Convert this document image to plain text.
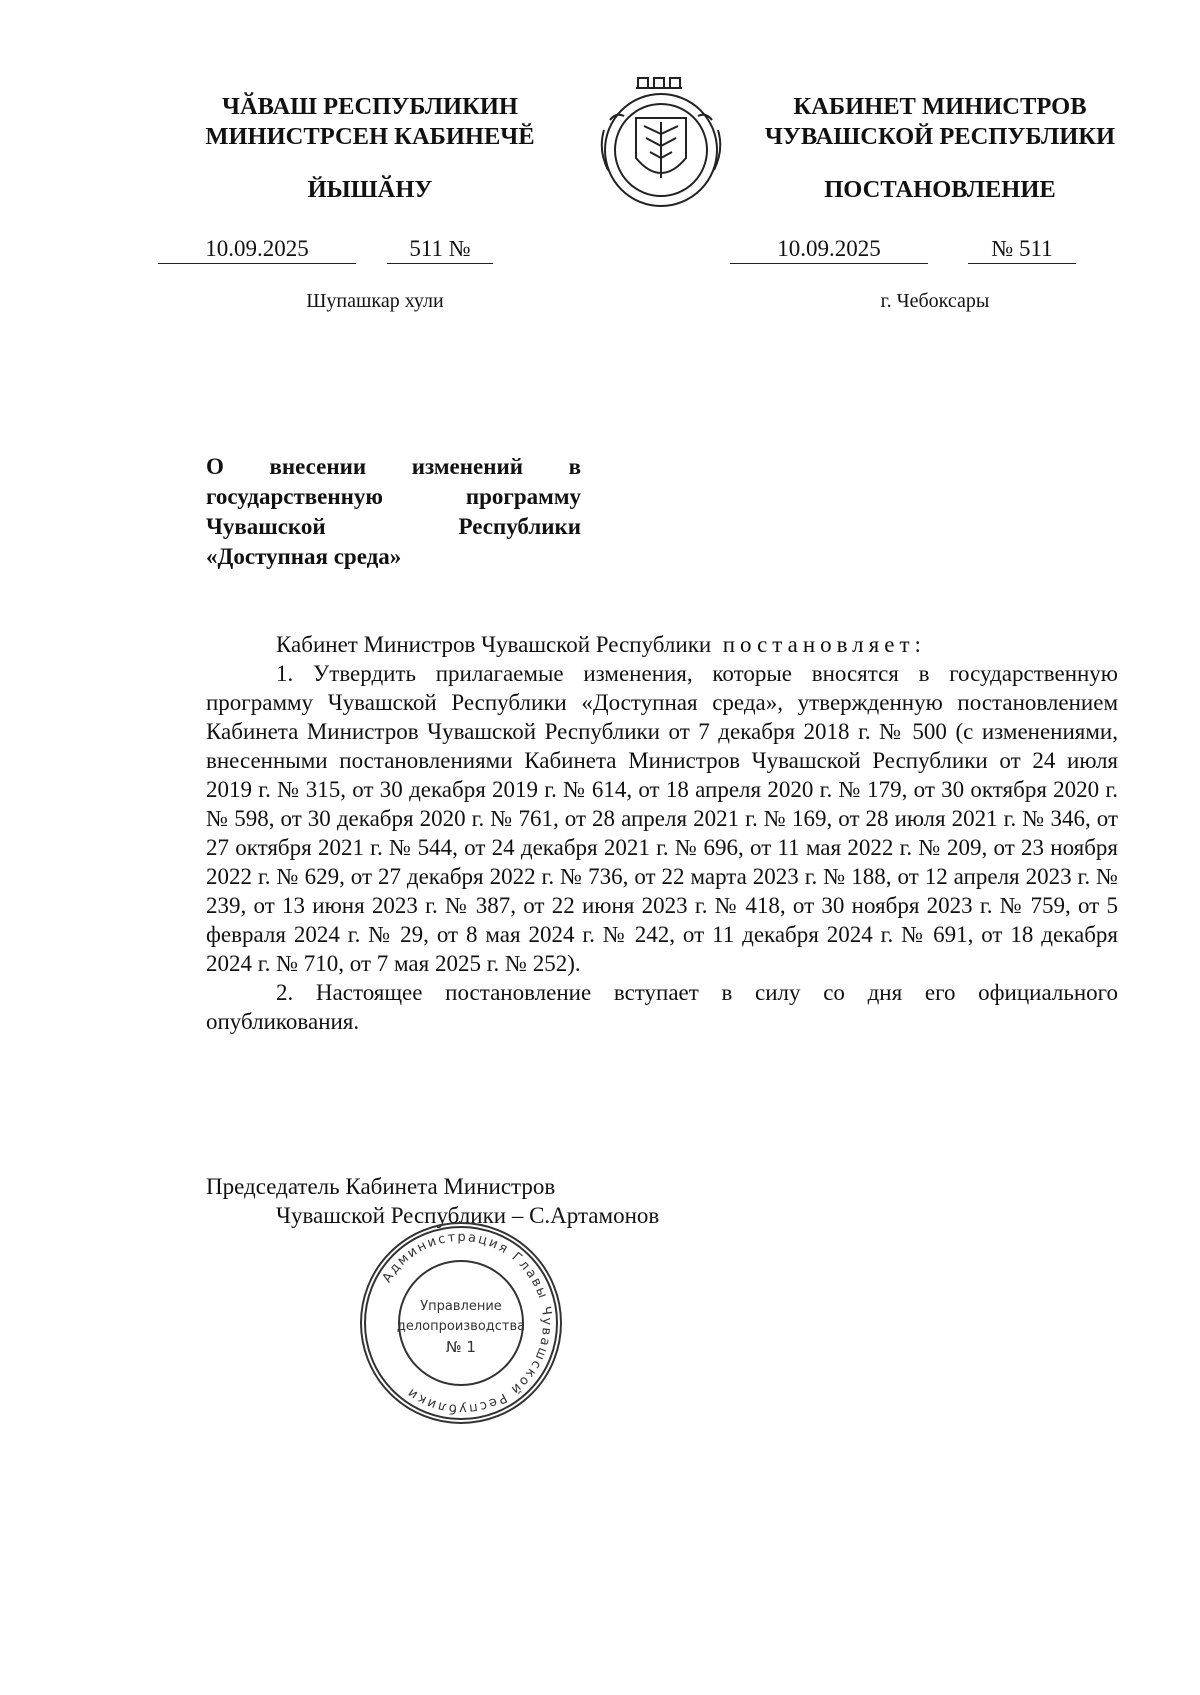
ЧӐВАШ РЕСПУБЛИКИН
МИНИСТРСЕН КАБИНЕЧӖ
ЙЫШӐНУ
КАБИНЕТ МИНИСТРОВ
ЧУВАШСКОЙ РЕСПУБЛИКИ
ПОСТАНОВЛЕНИЕ
10.09.2025	511 №	10.09.2025	№ 511
Шупашкар хули	г. Чебоксары
О внесении изменений в государственную программу Чувашской Республики «Доступная среда»

Кабинет Министров Чувашской Республики постановляет:

1. Утвердить прилагаемые изменения, которые вносятся в государственную программу Чувашской Республики «Доступная среда», утвержденную постановлением Кабинета Министров Чувашской Республики от 7 декабря 2018 г. № 500 (с изменениями, внесенными постановлениями Кабинета Министров Чувашской Республики от 24 июля 2019 г. № 315, от 30 декабря 2019 г. № 614, от 18 апреля 2020 г. № 179, от 30 октября 2020 г. № 598, от 30 декабря 2020 г. № 761, от 28 апреля 2021 г. № 169, от 28 июля 2021 г. № 346, от 27 октября 2021 г. № 544, от 24 декабря 2021 г. № 696, от 11 мая 2022 г. № 209, от 23 ноября 2022 г. № 629, от 27 декабря 2022 г. № 736, от 22 марта 2023 г. № 188, от 12 апреля 2023 г. № 239, от 13 июня 2023 г. № 387, от 22 июня 2023 г. № 418, от 30 ноября 2023 г. № 759, от 5 февраля 2024 г. № 29, от 8 мая 2024 г. № 242, от 11 декабря 2024 г. № 691, от 18 декабря 2024 г. № 710, от 7 мая 2025 г. № 252).

2. Настоящее постановление вступает в силу со дня его официального опубликования.

Председатель Кабинета Министров
Чувашской Республики – С.Артамонов
Администрация Главы Чувашской Республики
Управление
делопроизводства
№ 1
